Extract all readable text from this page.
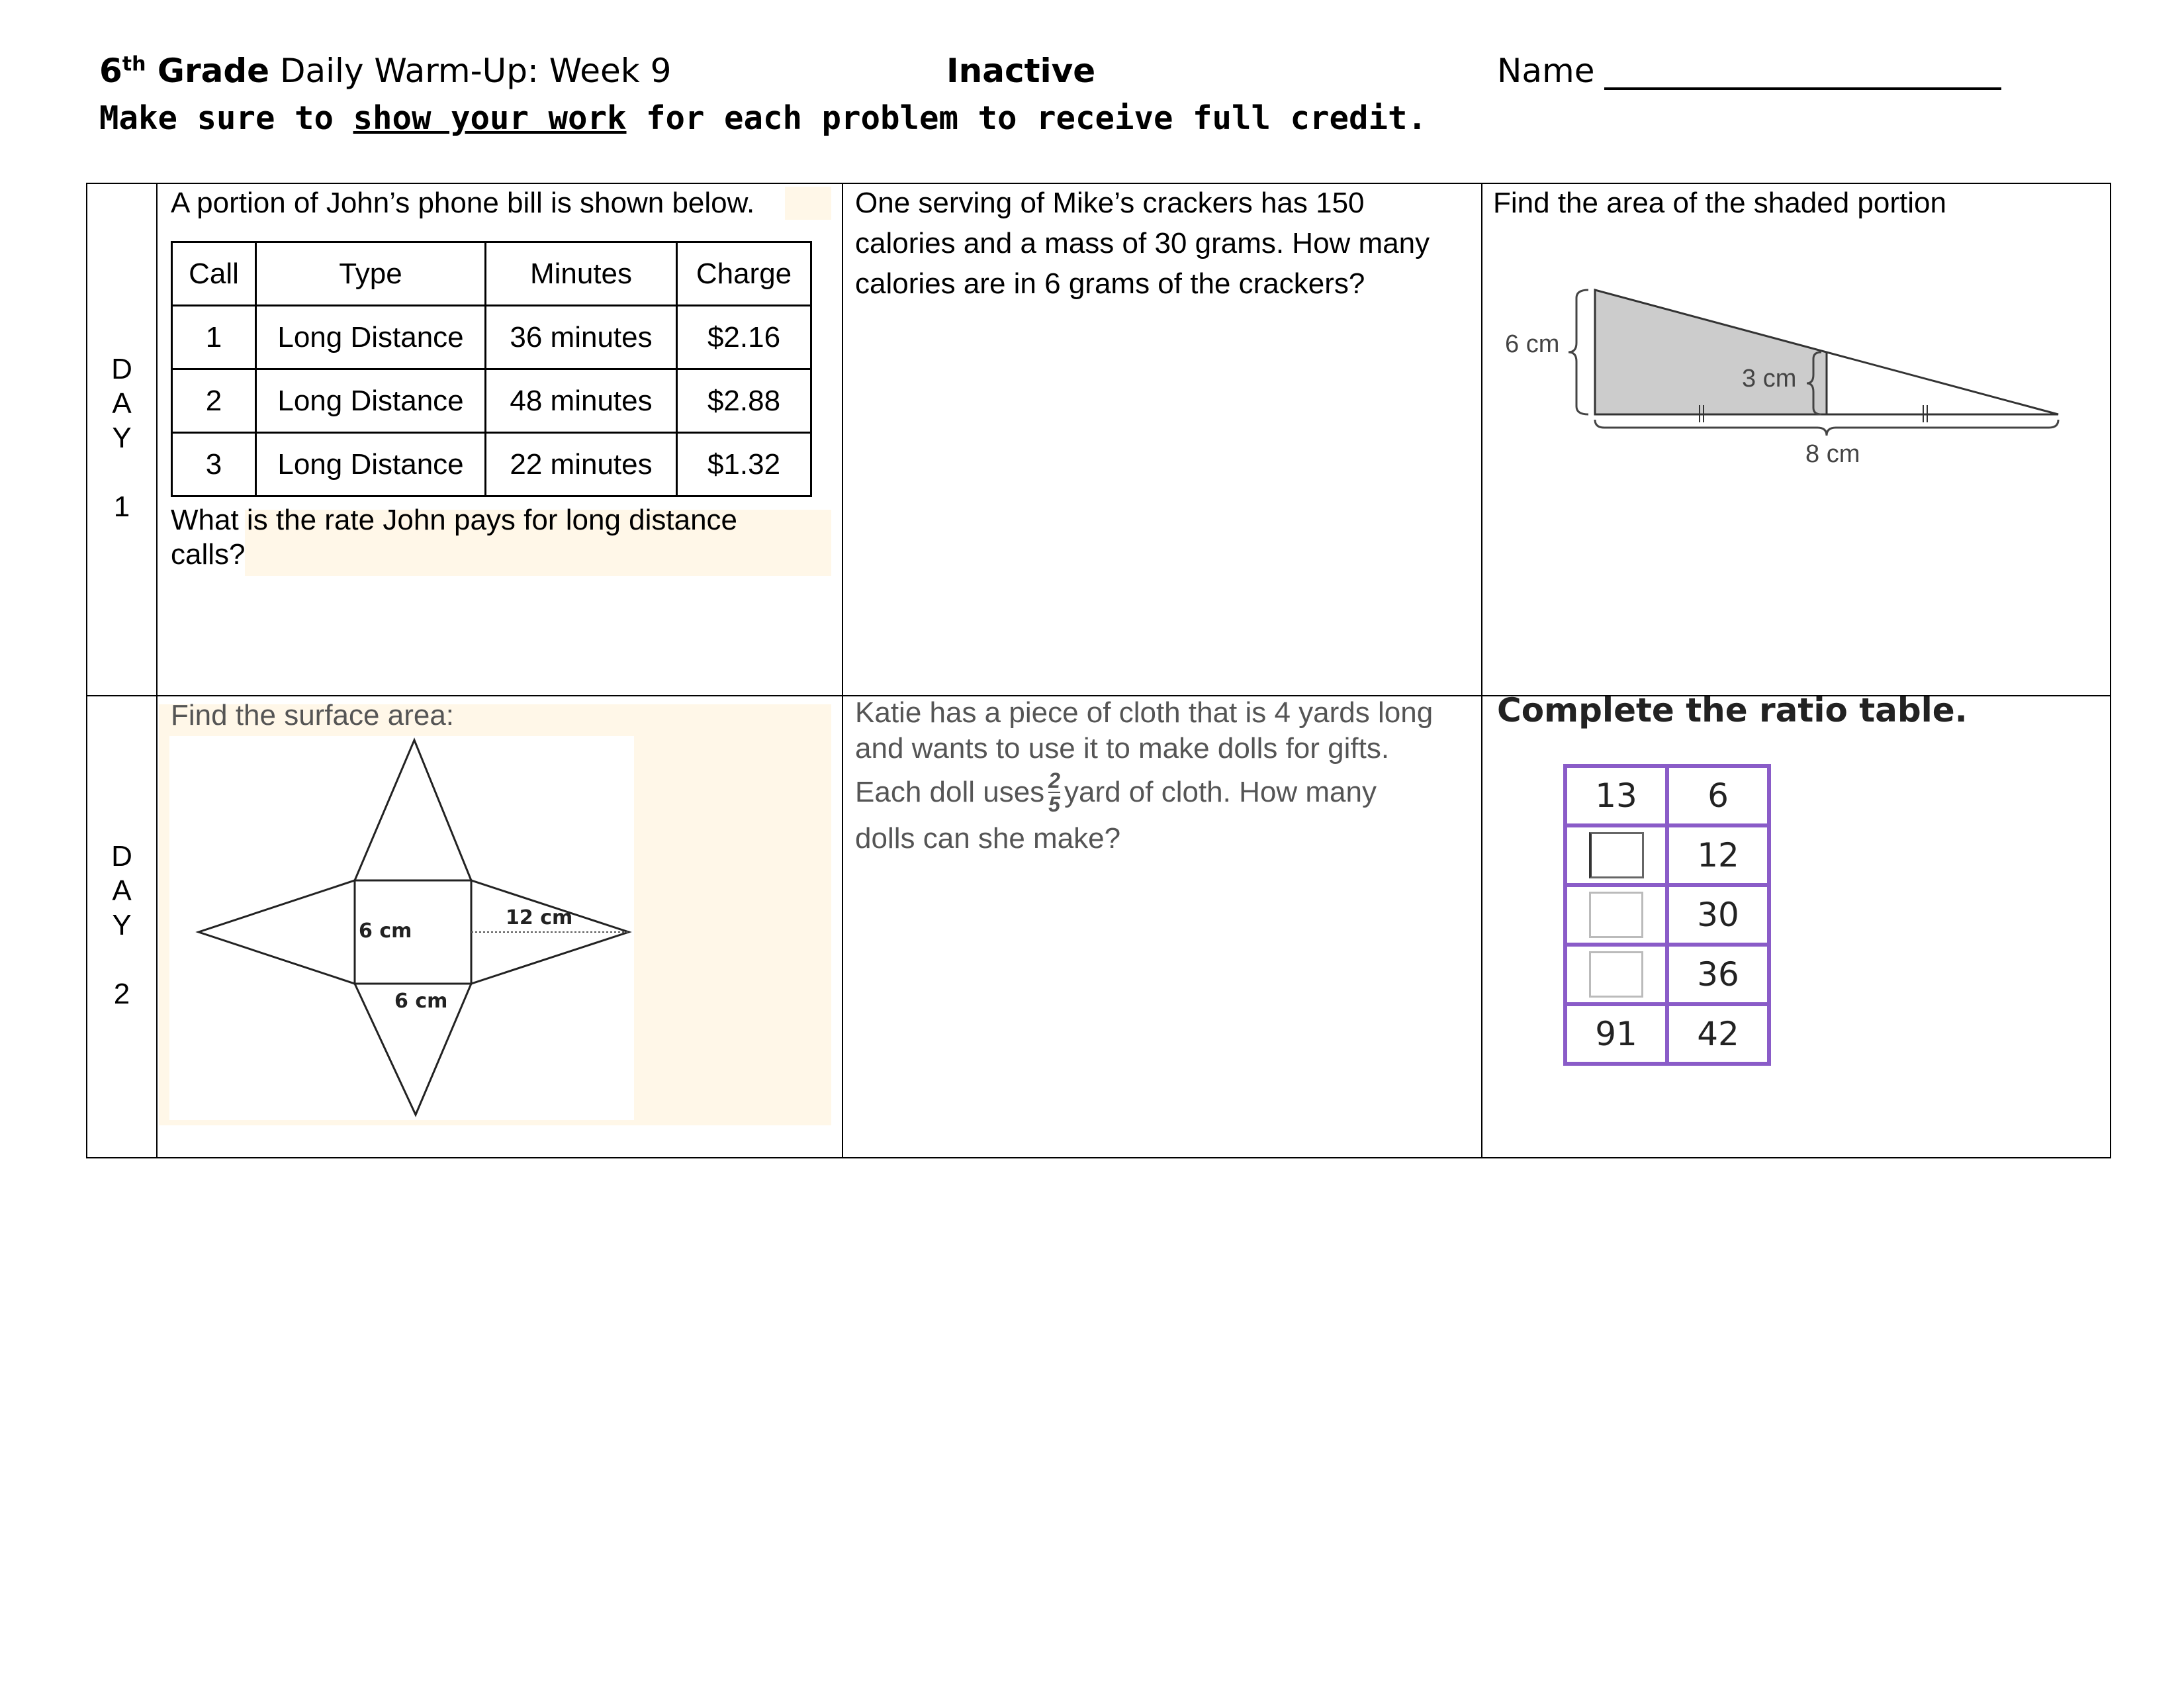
6th Grade Daily Warm-Up: Week 9	Inactive	Name
Make sure to show your work for each problem to receive full credit.
D
A
Y
1
D
A
Y
2
A portion of John’s phone bill is shown below.
Call	Type	Minutes	Charge
1	Long Distance	36 minutes	$2.16
2	Long Distance	48 minutes	$2.88
3	Long Distance	22 minutes	$1.32
What is the rate John pays for long distance
calls?
One serving of Mike’s crackers has 150
calories and a mass of 30 grams. How many
calories are in 6 grams of the crackers?
Find the area of the shaded portion
6 cm
3 cm
8 cm
Find the surface area:
6 cm
12 cm
6 cm
Katie has a piece of cloth that is 4 yards long
and wants to use it to make dolls for gifts.
Each doll uses $\frac{2}{5}$ yard of cloth. How many
dolls can she make?
Complete the ratio table.
13	6
	12
	30
	36
91	42
